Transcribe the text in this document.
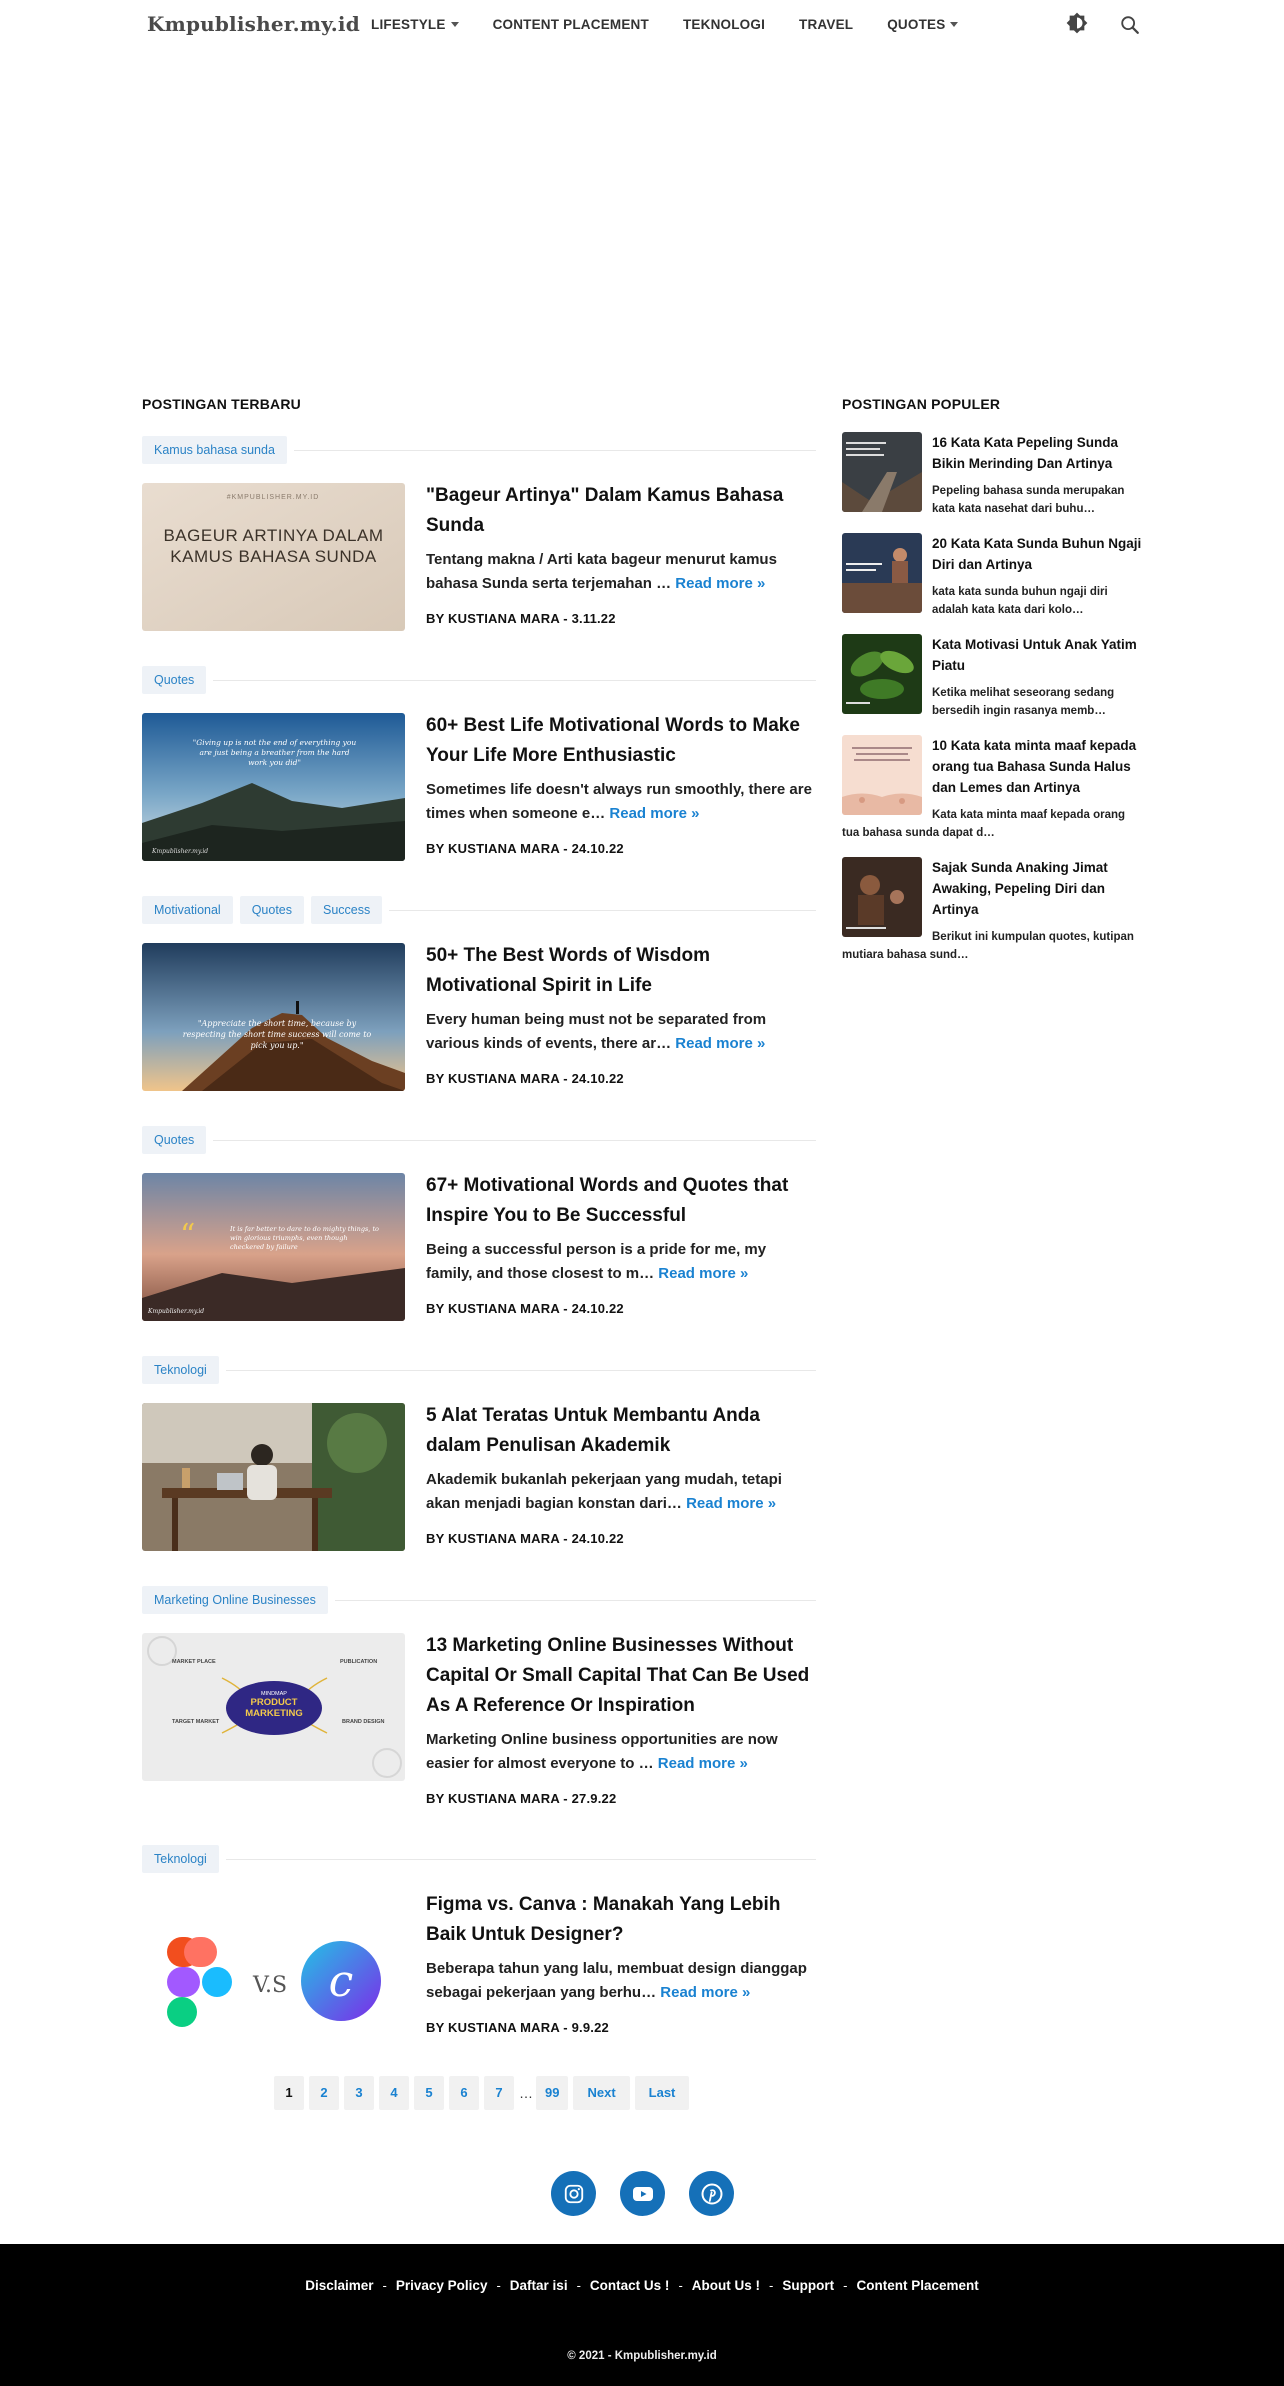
Kmpublisher.my.id LIFESTYLE	CONTENT PLACEMENT	TEKNOLOGI	TRAVEL	QUOTES
POSTINGAN TERBARU
Kamus bahasa sunda
#KMPUBLISHER.MY.ID
BAGEUR ARTINYA DALAM KAMUS BAHASA SUNDA
"Bageur Artinya" Dalam Kamus Bahasa Sunda
Tentang makna / Arti kata bageur menurut kamus bahasa Sunda serta terjemahan … Read more »
BY KUSTIANA MARA - 3.11.22
Quotes
"Giving up is not the end of everything you are just being a breather from the hard work you did"
Kmpublisher.my.id
60+ Best Life Motivational Words to Make Your Life More Enthusiastic
Sometimes life doesn't always run smoothly, there are times when someone e… Read more »
BY KUSTIANA MARA - 24.10.22
Motivational	Quotes	Success
"Appreciate the short time, because by respecting the short time success will come to pick you up."
50+ The Best Words of Wisdom Motivational Spirit in Life
Every human being must not be separated from various kinds of events, there ar… Read more »
BY KUSTIANA MARA - 24.10.22
Quotes
“	It is far better to dare to do mighty things, to win glorious triumphs, even though checkered by failure
Kmpublisher.my.id
67+ Motivational Words and Quotes that Inspire You to Be Successful
Being a successful person is a pride for me, my family, and those closest to m… Read more »
BY KUSTIANA MARA - 24.10.22
Teknologi
5 Alat Teratas Untuk Membantu Anda dalam Penulisan Akademik
Akademik bukanlah pekerjaan yang mudah, tetapi akan menjadi bagian konstan dari… Read more »
BY KUSTIANA MARA - 24.10.22
Marketing Online Businesses
MARKET PLACE	PUBLICATION
TARGET MARKET	BRAND DESIGN
MINDMAP
PRODUCT MARKETING
13 Marketing Online Businesses Without Capital Or Small Capital That Can Be Used As A Reference Or Inspiration
Marketing Online business opportunities are now easier for almost everyone to … Read more »
BY KUSTIANA MARA - 27.9.22
Teknologi
V.S c
Figma vs. Canva : Manakah Yang Lebih Baik Untuk Designer?
Beberapa tahun yang lalu, membuat design dianggap sebagai pekerjaan yang berhu… Read more »
BY KUSTIANA MARA - 9.9.22
POSTINGAN POPULER
16 Kata Kata Pepeling Sunda Bikin Merinding Dan Artinya
Pepeling bahasa sunda merupakan kata kata nasehat dari buhu…
20 Kata Kata Sunda Buhun Ngaji Diri dan Artinya
kata kata sunda buhun ngaji diri adalah kata kata dari kolo…
Kata Motivasi Untuk Anak Yatim Piatu
Ketika melihat seseorang sedang bersedih ingin rasanya memb…
10 Kata kata minta maaf kepada orang tua Bahasa Sunda Halus dan Lemes dan Artinya
Kata kata minta maaf kepada orang tua bahasa sunda dapat d…
Sajak Sunda Anaking Jimat Awaking, Pepeling Diri dan Artinya
Berikut ini kumpulan quotes, kutipan mutiara bahasa sund…
1	2	3	4	5	6	7	… 99	Next	Last
Disclaimer - Privacy Policy - Daftar isi - Contact Us ! - About Us ! - Support - Content Placement
© 2021 - Kmpublisher.my.id
